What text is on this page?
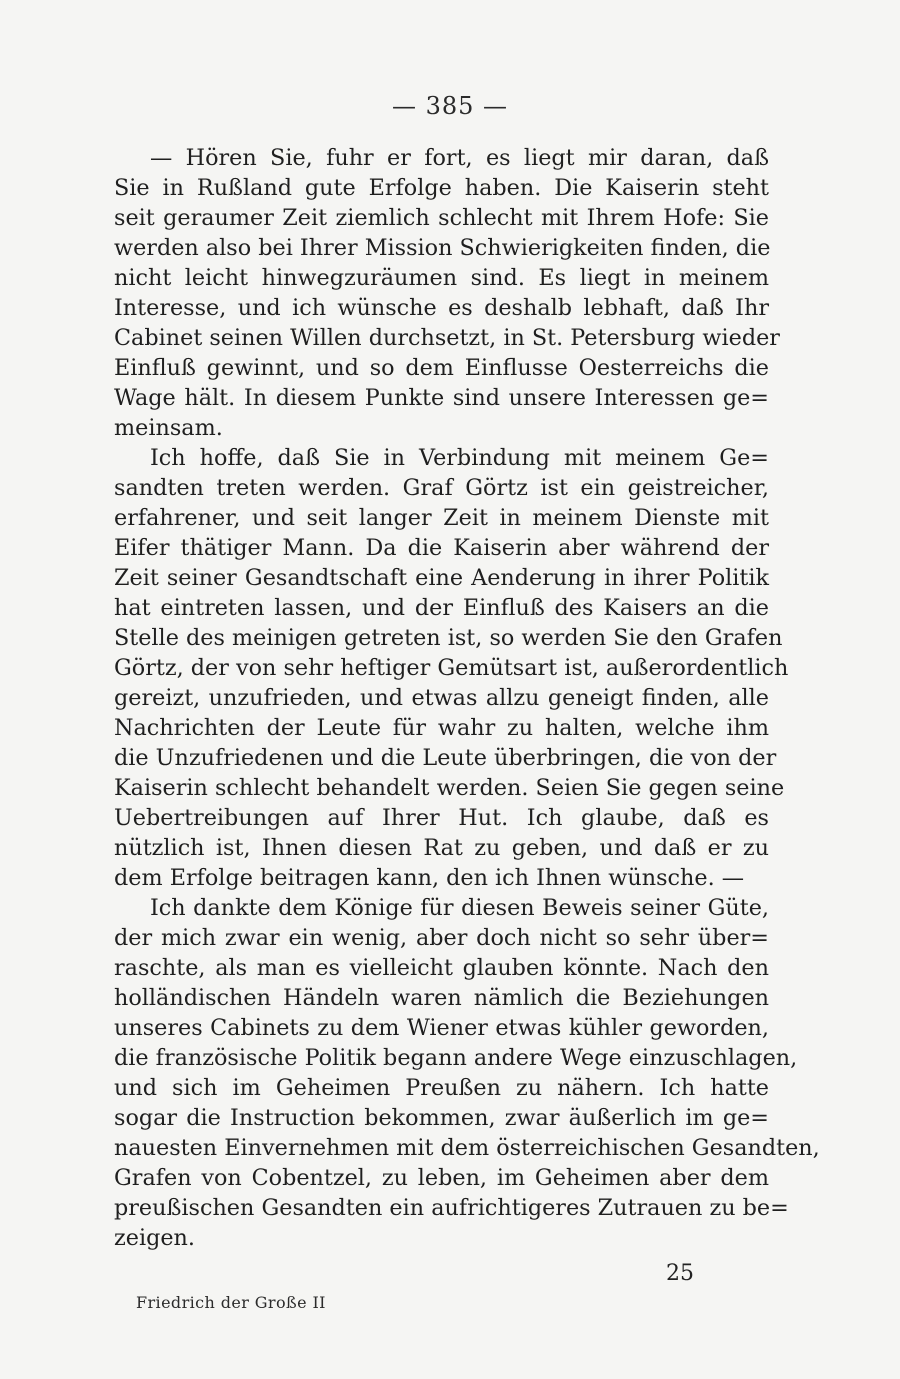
— 385 —
— Hören Sie, fuhr er fort, es liegt mir daran, daß
Sie in Rußland gute Erfolge haben. Die Kaiserin steht
seit geraumer Zeit ziemlich schlecht mit Ihrem Hofe: Sie
werden also bei Ihrer Mission Schwierigkeiten finden, die
nicht leicht hinwegzuräumen sind. Es liegt in meinem
Interesse, und ich wünsche es deshalb lebhaft, daß Ihr
Cabinet seinen Willen durchsetzt, in St. Petersburg wieder
Einfluß gewinnt, und so dem Einflusse Oesterreichs die
Wage hält. In diesem Punkte sind unsere Interessen ge=
meinsam.
Ich hoffe, daß Sie in Verbindung mit meinem Ge=
sandten treten werden. Graf Görtz ist ein geistreicher,
erfahrener, und seit langer Zeit in meinem Dienste mit
Eifer thätiger Mann. Da die Kaiserin aber während der
Zeit seiner Gesandtschaft eine Aenderung in ihrer Politik
hat eintreten lassen, und der Einfluß des Kaisers an die
Stelle des meinigen getreten ist, so werden Sie den Grafen
Görtz, der von sehr heftiger Gemütsart ist, außerordentlich
gereizt, unzufrieden, und etwas allzu geneigt finden, alle
Nachrichten der Leute für wahr zu halten, welche ihm
die Unzufriedenen und die Leute überbringen, die von der
Kaiserin schlecht behandelt werden. Seien Sie gegen seine
Uebertreibungen auf Ihrer Hut. Ich glaube, daß es
nützlich ist, Ihnen diesen Rat zu geben, und daß er zu
dem Erfolge beitragen kann, den ich Ihnen wünsche. —
Ich dankte dem Könige für diesen Beweis seiner Güte,
der mich zwar ein wenig, aber doch nicht so sehr über=
raschte, als man es vielleicht glauben könnte. Nach den
holländischen Händeln waren nämlich die Beziehungen
unseres Cabinets zu dem Wiener etwas kühler geworden,
die französische Politik begann andere Wege einzuschlagen,
und sich im Geheimen Preußen zu nähern. Ich hatte
sogar die Instruction bekommen, zwar äußerlich im ge=
nauesten Einvernehmen mit dem österreichischen Gesandten,
Grafen von Cobentzel, zu leben, im Geheimen aber dem
preußischen Gesandten ein aufrichtigeres Zutrauen zu be=
zeigen.
25
Friedrich der Große II
